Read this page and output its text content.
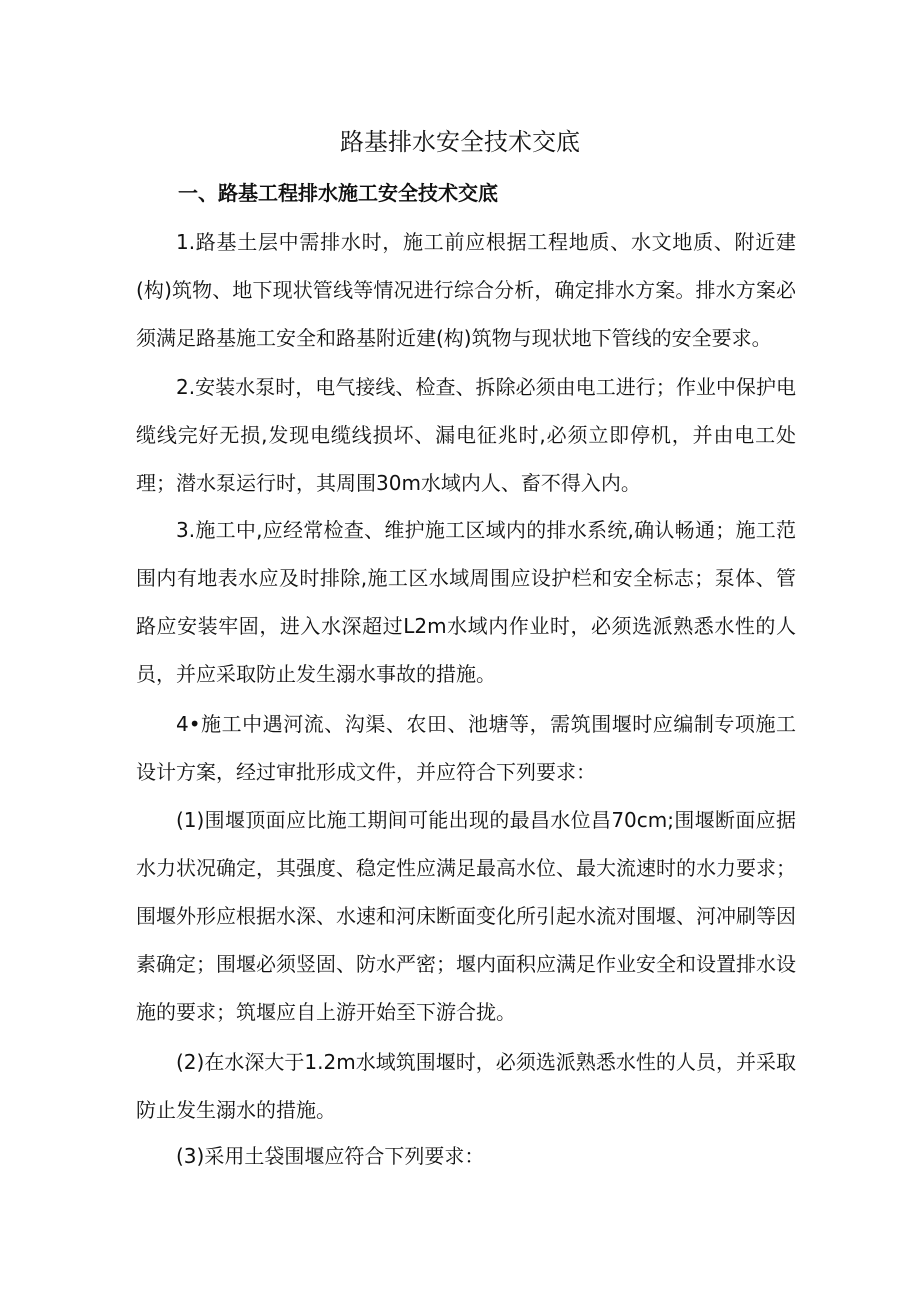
路基排水安全技术交底
一、路基工程排水施工安全技术交底

1.路基土层中需排水时，施工前应根据工程地质、水文地质、附近建(构)筑物、地下现状管线等情况进行综合分析，确定排水方案。排水方案必须满足路基施工安全和路基附近建(构)筑物与现状地下管线的安全要求。

2.安装水泵时，电气接线、检查、拆除必须由电工进行；作业中保护电缆线完好无损,发现电缆线损坏、漏电征兆时,必须立即停机，并由电工处理；潜水泵运行时，其周围30m水域内人、畜不得入内。

3.施工中,应经常检查、维护施工区域内的排水系统,确认畅通；施工范围内有地表水应及时排除,施工区水域周围应设护栏和安全标志；泵体、管路应安装牢固，进入水深超过L2m水域内作业时，必须选派熟悉水性的人员，并应采取防止发生溺水事故的措施。

4•施工中遇河流、沟渠、农田、池塘等，需筑围堰时应编制专项施工设计方案，经过审批形成文件，并应符合下列要求：

(1)围堰顶面应比施工期间可能出现的最昌水位昌70cm;围堰断面应据水力状况确定，其强度、稳定性应满足最高水位、最大流速时的水力要求；围堰外形应根据水深、水速和河床断面变化所引起水流对围堰、河冲刷等因素确定；围堰必须竖固、防水严密；堰内面积应满足作业安全和设置排水设施的要求；筑堰应自上游开始至下游合拢。

(2)在水深大于1.2m水域筑围堰时，必须选派熟悉水性的人员，并采取防止发生溺水的措施。

(3)采用土袋围堰应符合下列要求：
